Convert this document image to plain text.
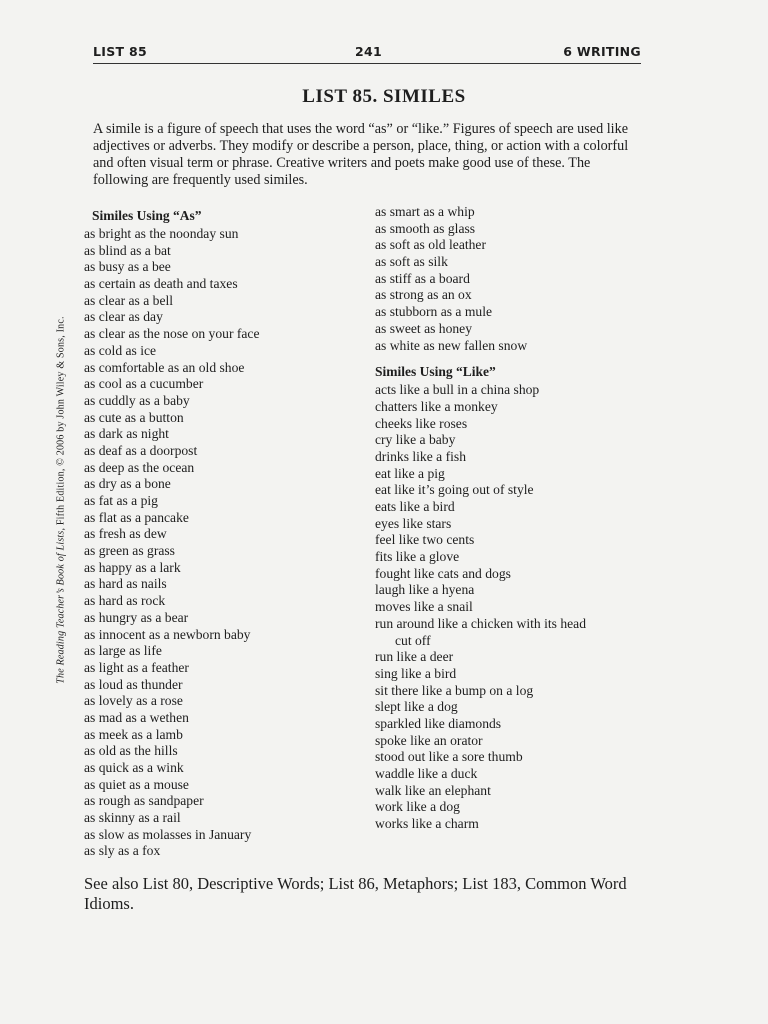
LIST 85	241	6 WRITING
LIST 85. SIMILES

A simile is a figure of speech that uses the word “as” or “like.” Figures of speech are used like adjectives or adverbs. They modify or describe a person, place, thing, or action with a colorful and often visual term or phrase. Creative writers and poets make good use of these. The following are frequently used similes.

Similes Using “As”
as bright as the noonday sun
as blind as a bat
as busy as a bee
as certain as death and taxes
as clear as a bell
as clear as day
as clear as the nose on your face
as cold as ice
as comfortable as an old shoe
as cool as a cucumber
as cuddly as a baby
as cute as a button
as dark as night
as deaf as a doorpost
as deep as the ocean
as dry as a bone
as fat as a pig
as flat as a pancake
as fresh as dew
as green as grass
as happy as a lark
as hard as nails
as hard as rock
as hungry as a bear
as innocent as a newborn baby
as large as life
as light as a feather
as loud as thunder
as lovely as a rose
as mad as a wethen
as meek as a lamb
as old as the hills
as quick as a wink
as quiet as a mouse
as rough as sandpaper
as skinny as a rail
as slow as molasses in January
as sly as a fox
as smart as a whip
as smooth as glass
as soft as old leather
as soft as silk
as stiff as a board
as strong as an ox
as stubborn as a mule
as sweet as honey
as white as new fallen snow
Similes Using “Like”
acts like a bull in a china shop
chatters like a monkey
cheeks like roses
cry like a baby
drinks like a fish
eat like a pig
eat like it’s going out of style
eats like a bird
eyes like stars
feel like two cents
fits like a glove
fought like cats and dogs
laugh like a hyena
moves like a snail
run around like a chicken with its head
cut off
run like a deer
sing like a bird
sit there like a bump on a log
slept like a dog
sparkled like diamonds
spoke like an orator
stood out like a sore thumb
waddle like a duck
walk like an elephant
work like a dog
works like a charm

See also List 80, Descriptive Words; List 86, Metaphors; List 183, Common Word Idioms.

The Reading Teacher’s Book of Lists, Fifth Edition, © 2006 by John Wiley & Sons, Inc.
